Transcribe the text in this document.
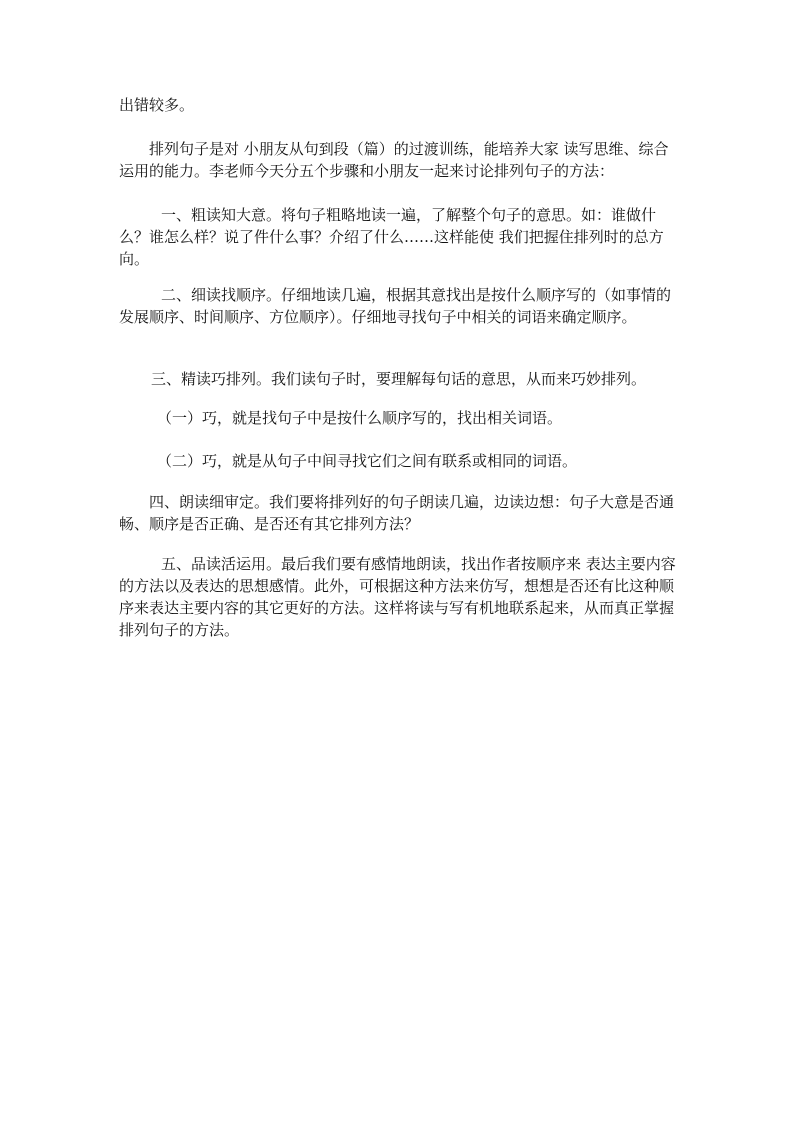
出错较多。

排列句子是对 小朋友从句到段（篇）的过渡训练，能培养大家 读写思维、综合运用的能力。李老师今天分五个步骤和小朋友一起来讨论排列句子的方法：

一、粗读知大意。将句子粗略地读一遍，了解整个句子的意思。如：谁做什么？谁怎么样？说了件什么事？介绍了什么……这样能使 我们把握住排列时的总方向。

二、细读找顺序。仔细地读几遍，根据其意找出是按什么顺序写的（如事情的发展顺序、时间顺序、方位顺序）。仔细地寻找句子中相关的词语来确定顺序。

三、精读巧排列。我们读句子时，要理解每句话的意思，从而来巧妙排列。

（一）巧，就是找句子中是按什么顺序写的，找出相关词语。

（二）巧，就是从句子中间寻找它们之间有联系或相同的词语。

四、朗读细审定。我们要将排列好的句子朗读几遍，边读边想：句子大意是否通畅、顺序是否正确、是否还有其它排列方法？

五、品读活运用。最后我们要有感情地朗读，找出作者按顺序来 表达主要内容的方法以及表达的思想感情。此外，可根据这种方法来仿写，想想是否还有比这种顺序来表达主要内容的其它更好的方法。这样将读与写有机地联系起来，从而真正掌握排列句子的方法。
